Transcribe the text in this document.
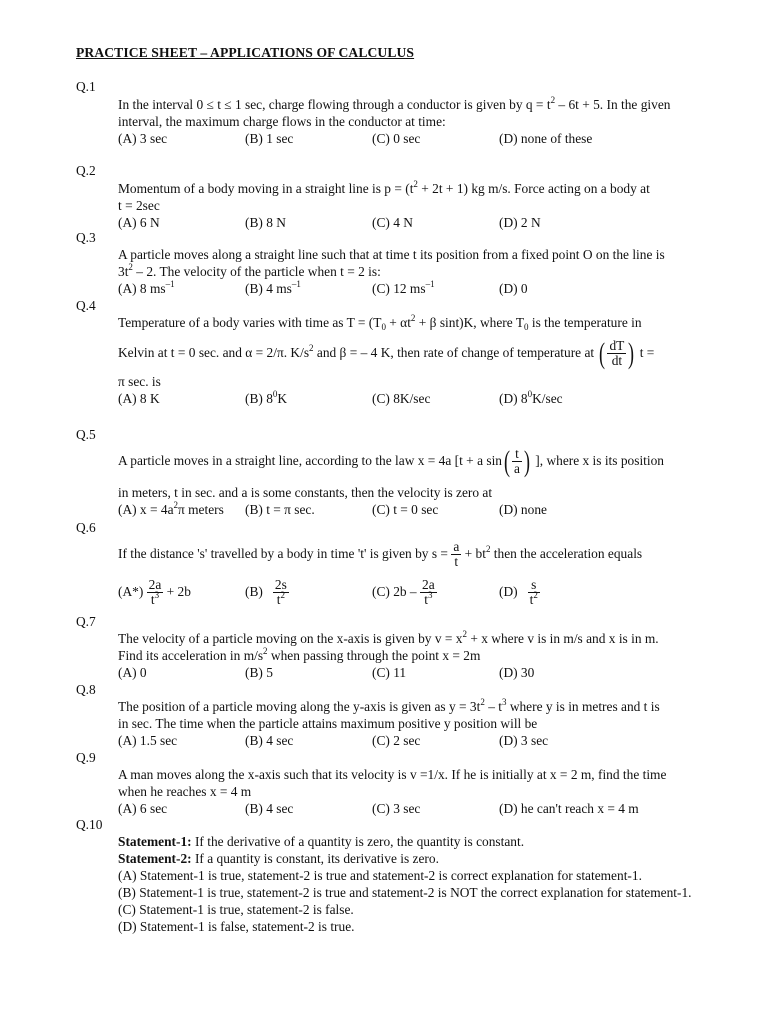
PRACTICE SHEET – APPLICATIONS OF CALCULUS
Q.1
In the interval 0 ≤ t ≤ 1 sec, charge flowing through a conductor is given by $q = t^2 - 6t + 5$. In the given
interval, the maximum charge flows in the conductor at time:
(A) 3 sec	(B) 1 sec	(C) 0 sec	(D) none of these
Q.2
Momentum of a body moving in a straight line is $p = (t^2 + 2t + 1)$ kg m/s. Force acting on a body at
t = 2sec
(A) 6 N	(B) 8 N	(C) 4 N	(D) 2 N
Q.3
A particle moves along a straight line such that at time t its position from a fixed point O on the line is
$3t^2 - 2$. The velocity of the particle when t = 2 is:
(A) 8 $ms^{-1}$	(B) 4 $ms^{-1}$	(C) 12 $ms^{-1}$	(D) 0
Q.4
Temperature of a body varies with time as $T = (T_0 + \alpha t^2 + \beta$ sint)K, where $T_0$ is the temperature in
Kelvin at t = 0 sec. and α = 2/π. $K/s^2$ and β = – 4 K, then rate of change of temperature at ( $\frac{dT}{dt}$ ) t =
π sec. is
(A) 8 K	(B) $8^0K$	(C) 8K/sec	(D) $8^0K/\sec$
Q.5
A particle moves in a straight line, according to the law x = 4a [t + a $\sin( \frac{t}{a}$ ) ], where x is its position
in meters, t in sec. and a is some constants, then the velocity is zero at
(A) $x = 4a^2\pi$ meters (B) t = π sec.	(C) t = 0 sec	(D) none
Q.6
If the distance 's' travelled by a body in time 't' is given by $s = \frac{a}{t} + bt^2$ then the acceleration equals
$(A*) \frac{2a}{t^3} + 2b$	$(B) \frac{2s}{t^2}$	(C) $2b - \frac{2a}{t^3}$	$(D) \frac{s}{t^2}$
Q.7
The velocity of a particle moving on the x-axis is given by $v = x^2 + x$ where v is in m/s and x is in m.
Find its acceleration in $m/s^2$ when passing through the point x = 2m
(A) 0	(B) 5	(C) 11	(D) 30
Q.8
The position of a particle moving along the y-axis is given as $y = 3t^2 - t^3$ where y is in metres and t is
in sec. The time when the particle attains maximum positive y position will be
(A) 1.5 sec	(B) 4 sec	(C) 2 sec	(D) 3 sec
Q.9
A man moves along the x-axis such that its velocity is v =1/x. If he is initially at x = 2 m, find the time
when he reaches x = 4 m
(A) 6 sec	(B) 4 sec	(C) 3 sec	(D) he can't reach x = 4 m
Q.10
Statement-1: If the derivative of a quantity is zero, the quantity is constant.
Statement-2: If a quantity is constant, its derivative is zero.
(A) Statement-1 is true, statement-2 is true and statement-2 is correct explanation for statement-1.
(B) Statement-1 is true, statement-2 is true and statement-2 is NOT the correct explanation for statement-1.
(C) Statement-1 is true, statement-2 is false.
(D) Statement-1 is false, statement-2 is true.
